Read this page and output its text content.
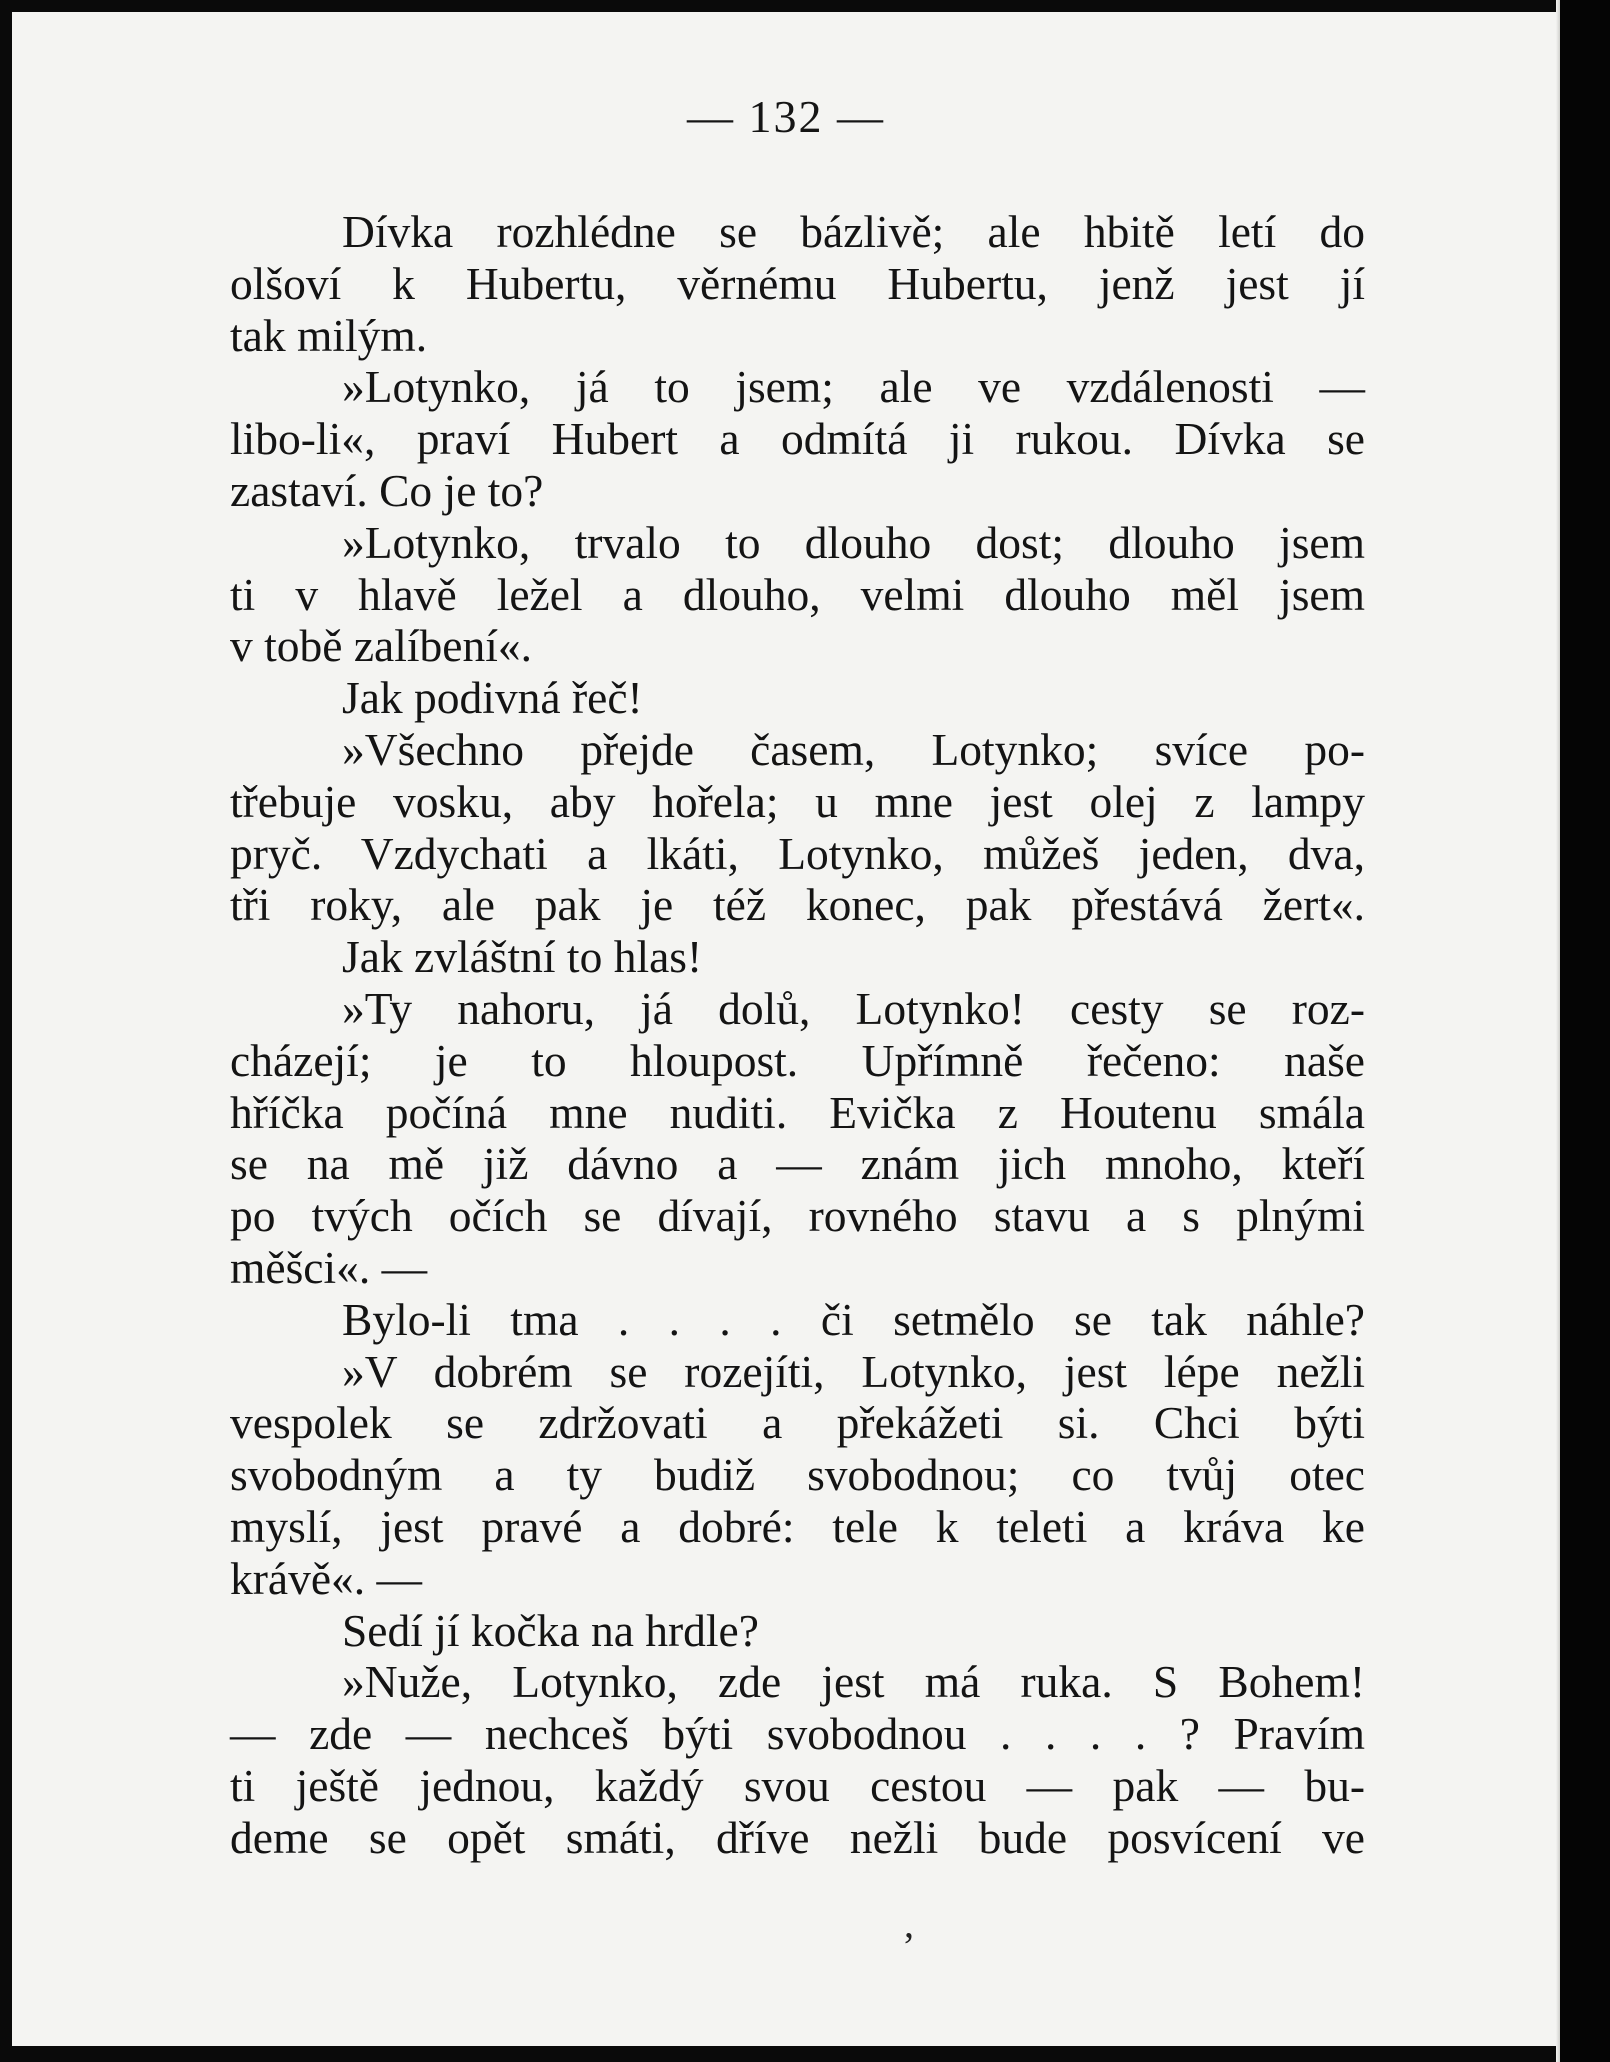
— 132 —
Dívka rozhlédne se bázlivě; ale hbitě letí do
olšoví k Hubertu, věrnému Hubertu, jenž jest jí
tak milým.
»Lotynko, já to jsem; ale ve vzdálenosti —
libo-li«, praví Hubert a odmítá ji rukou. Dívka se
zastaví. Co je to?
»Lotynko, trvalo to dlouho dost; dlouho jsem
ti v hlavě ležel a dlouho, velmi dlouho měl jsem
v tobě zalíbení«.
Jak podivná řeč!
»Všechno přejde časem, Lotynko; svíce po-
třebuje vosku, aby hořela; u mne jest olej z lampy
pryč. Vzdychati a lkáti, Lotynko, můžeš jeden, dva,
tři roky, ale pak je též konec, pak přestává žert«.
Jak zvláštní to hlas!
»Ty nahoru, já dolů, Lotynko! cesty se roz-
cházejí; je to hloupost. Upřímně řečeno: naše
hříčka počíná mne nuditi. Evička z Houtenu smála
se na mě již dávno a — znám jich mnoho, kteří
po tvých očích se dívají, rovného stavu a s plnými
měšci«. —
Bylo-li tma . . . . či setmělo se tak náhle?
»V dobrém se rozejíti, Lotynko, jest lépe nežli
vespolek se zdržovati a překážeti si. Chci býti
svobodným a ty budiž svobodnou; co tvůj otec
myslí, jest pravé a dobré: tele k teleti a kráva ke
krávě«. —
Sedí jí kočka na hrdle?
»Nuže, Lotynko, zde jest má ruka. S Bohem!
— zde — nechceš býti svobodnou . . . . ? Pravím
ti ještě jednou, každý svou cestou — pak — bu-
deme se opět smáti, dříve nežli bude posvícení ve
,
